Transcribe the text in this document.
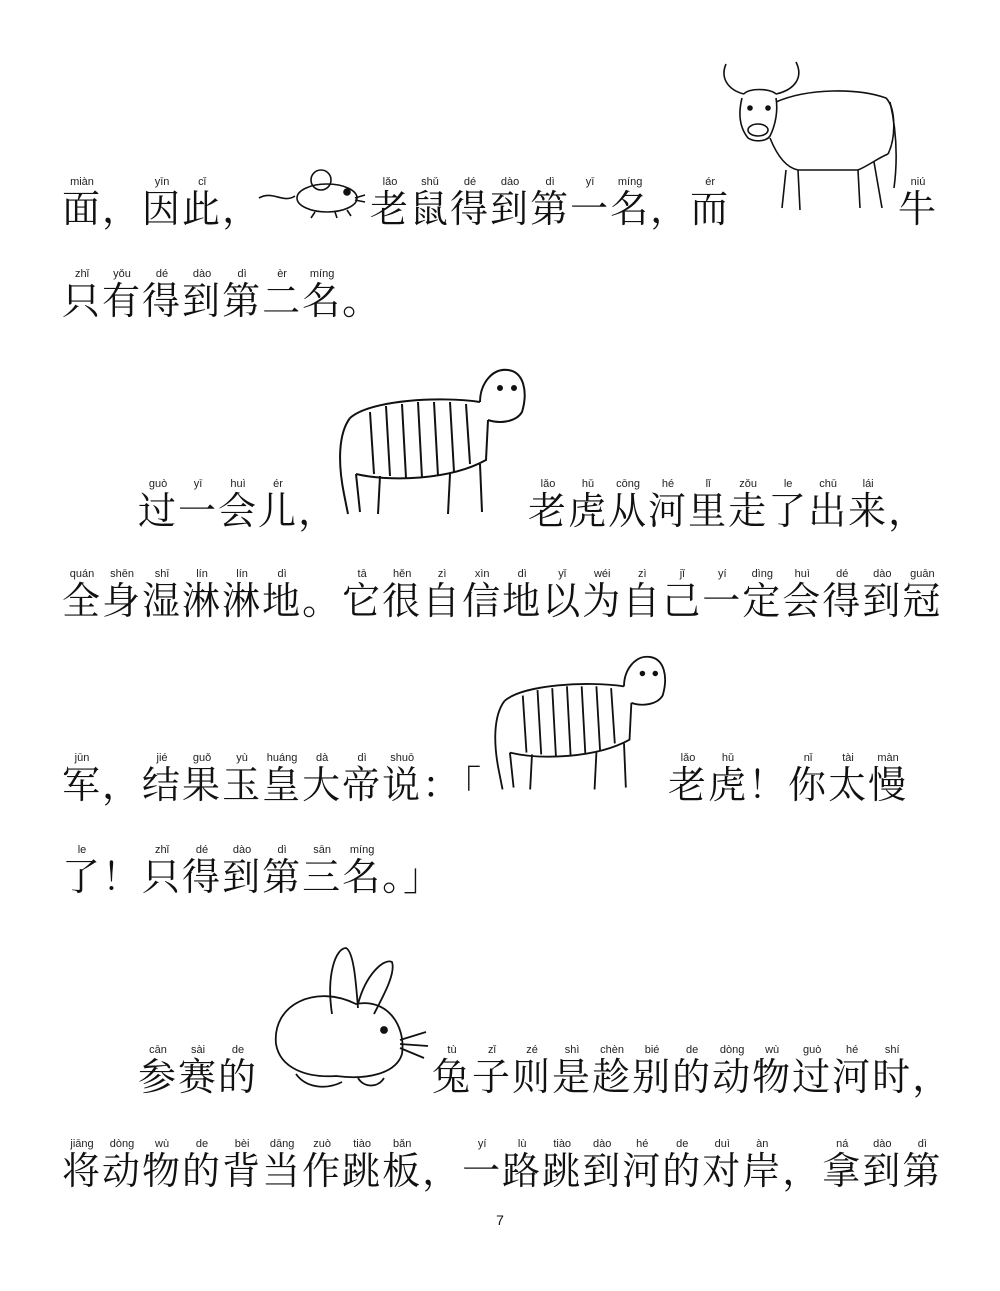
面miàn，因yīn此cǐ，	老lǎo鼠shǔ得dé到dào第dì一yī名míng，而ér
牛niú
只zhǐ有yǒu得dé到dào第dì二èr名míng。
过guò一yī会huì儿ér，	老lǎo虎hǔ从cōng河hé里lǐ走zǒu了le出chū来lái，
全quán身shēn湿shī淋lín淋lín地dì。它tā很hěn自zì信xìn地dì以yǐ为wéi自zì己jǐ一yí定dìng会huì得dé到dào冠guān
军jūn，结jié果guǒ玉yù皇huáng大dà帝dì说shuō：「	老lǎo虎hǔ！你nǐ太tài慢màn
了le！只zhǐ得dé到dào第dì三sān名míng。」
参cān赛sài的de
兔tù子zǐ则zé是shì趁chèn别bié的de动dòng物wù过guò河hé时shí，
将jiāng动dòng物wù的de背bèi当dāng作zuò跳tiào板bǎn，一yí路lù跳tiào到dào河hé的de对duì岸àn，拿ná到dào第dì
7
